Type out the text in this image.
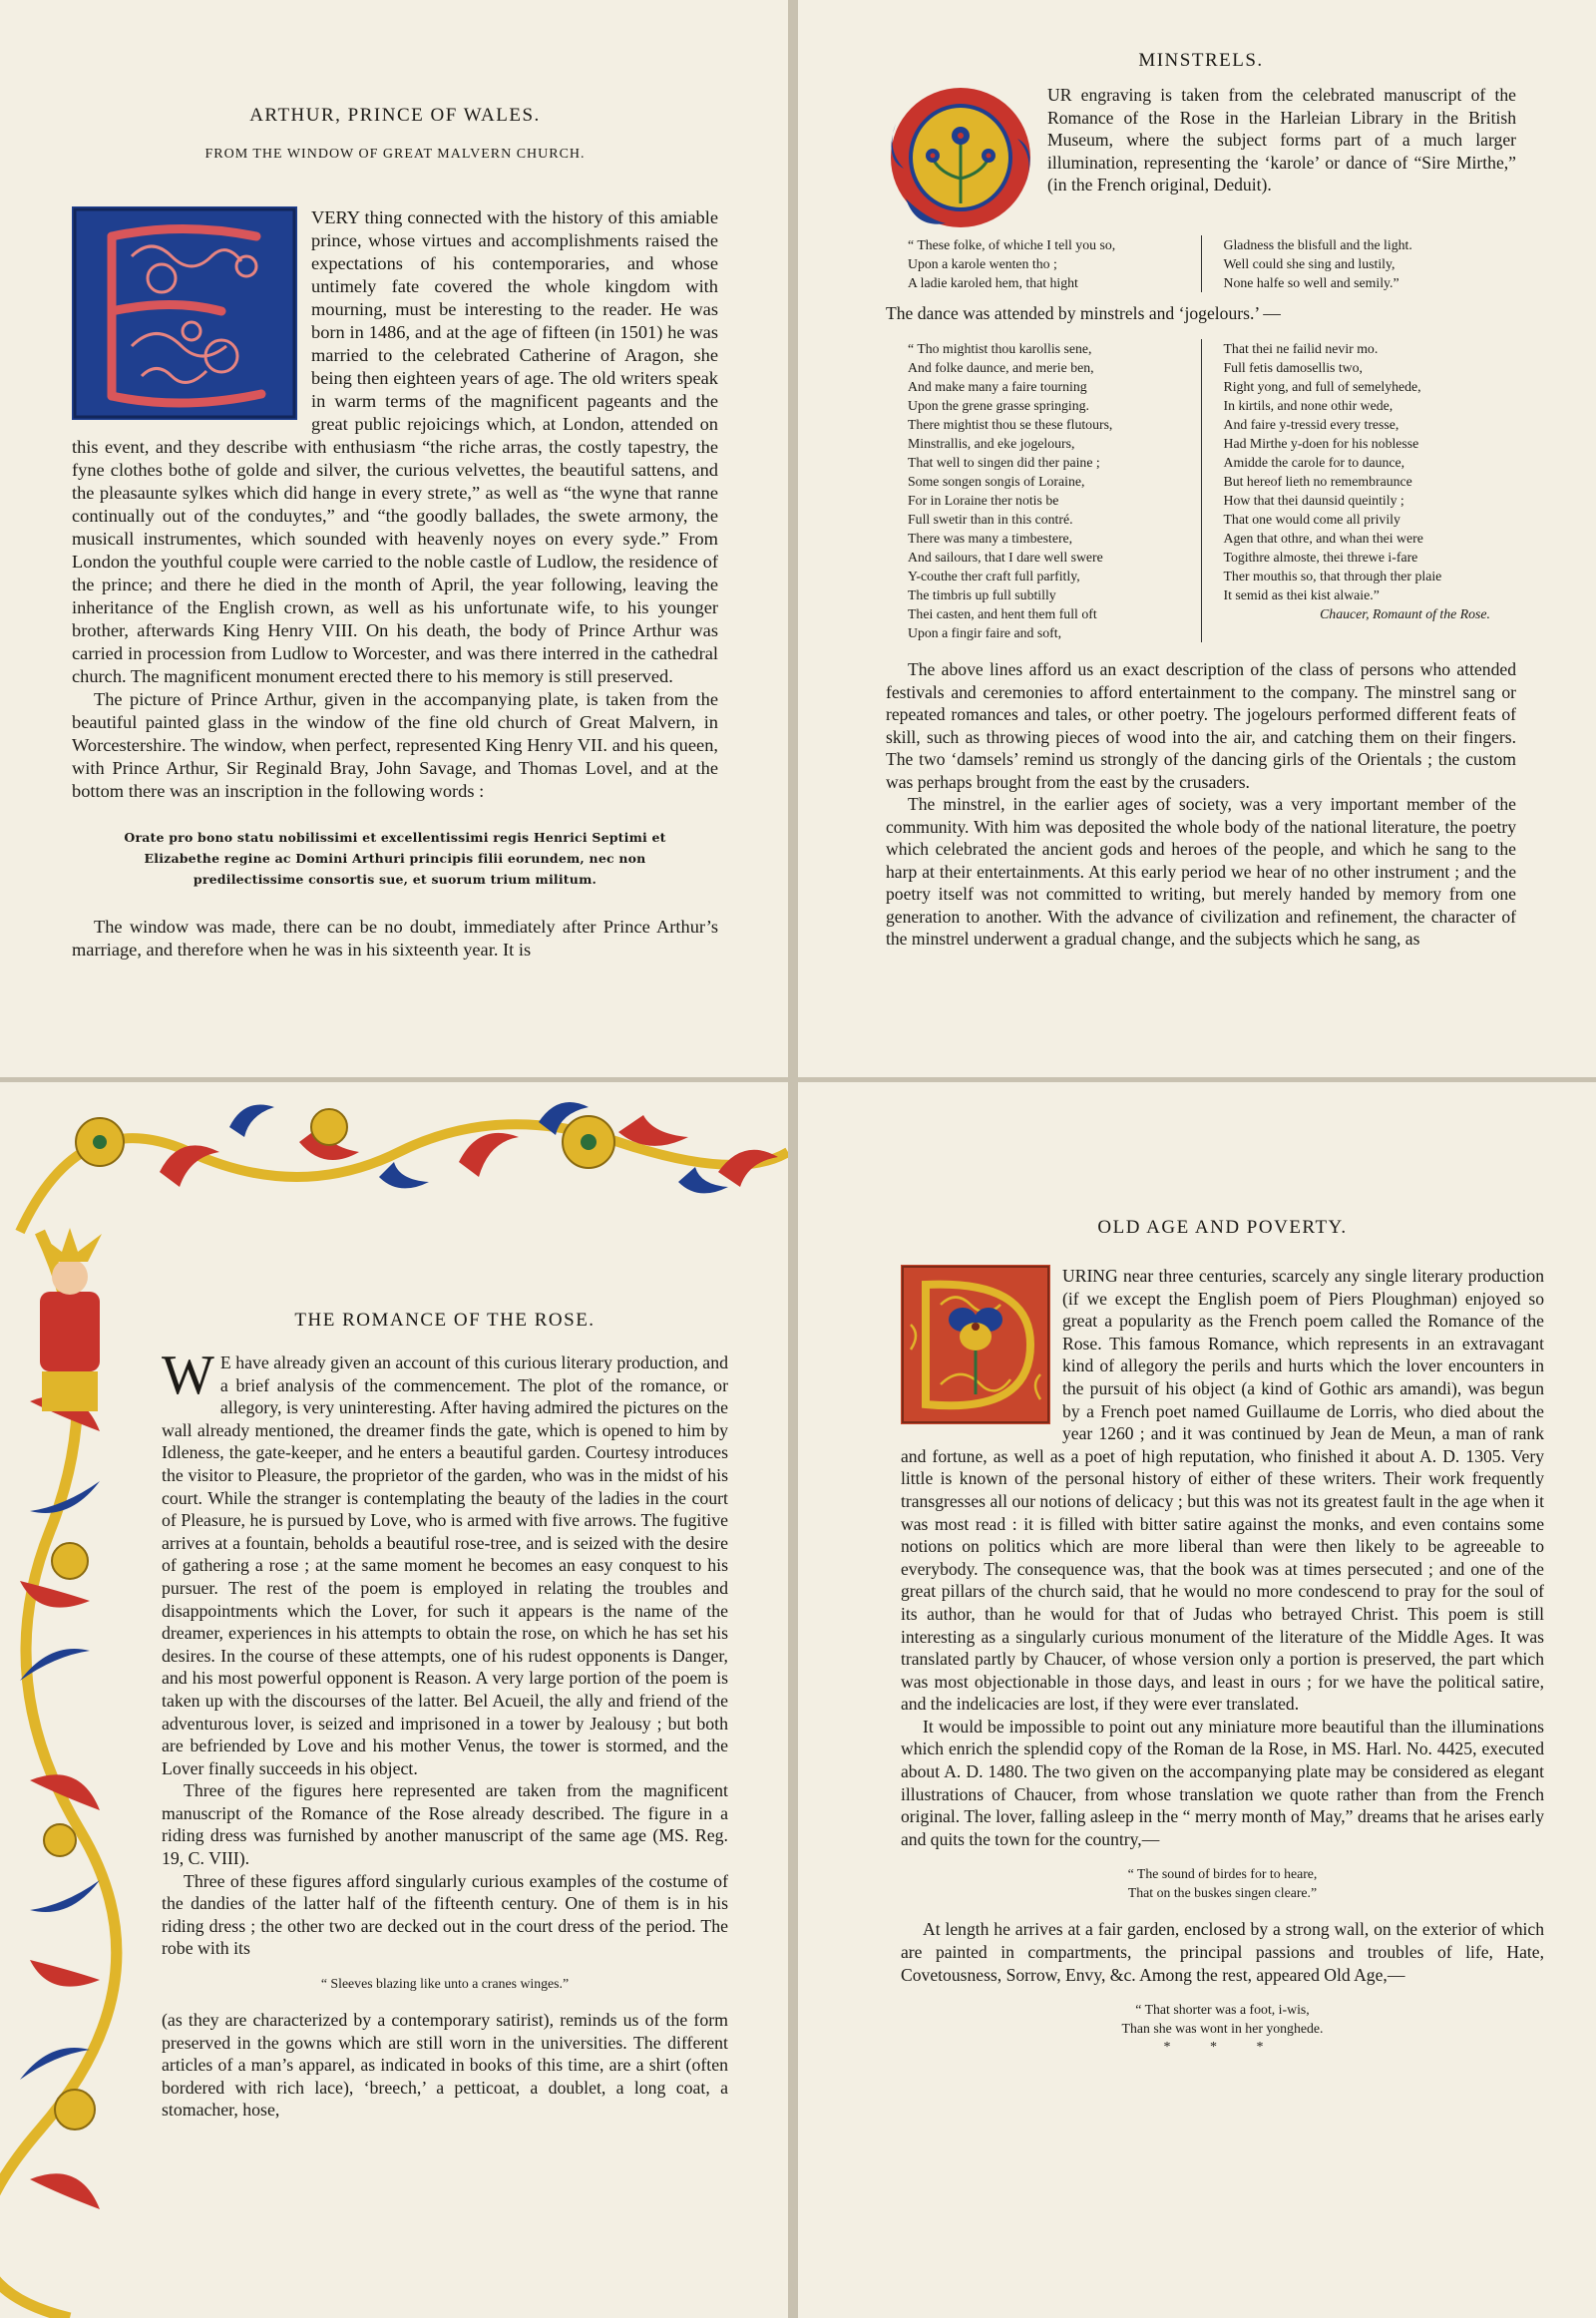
ARTHUR, PRINCE OF WALES.
FROM THE WINDOW OF GREAT MALVERN CHURCH.

VERY thing connected with the history of this amiable prince, whose virtues and accomplishments raised the expectations of his contemporaries, and whose untimely fate covered the whole kingdom with mourning, must be interesting to the reader. He was born in 1486, and at the age of fifteen (in 1501) he was married to the celebrated Catherine of Aragon, she being then eighteen years of age. The old writers speak in warm terms of the magnificent pageants and the great public rejoicings which, at London, attended on this event, and they describe with enthusiasm “the riche arras, the costly tapestry, the fyne clothes bothe of golde and silver, the curious velvettes, the beautiful sattens, and the pleasaunte sylkes which did hange in every strete,” as well as “the wyne that ranne continually out of the conduytes,” and “the goodly ballades, the swete armony, the musicall instrumentes, which sounded with heavenly noyes on every syde.” From London the youthful couple were carried to the noble castle of Ludlow, the residence of the prince; and there he died in the month of April, the year following, leaving the inheritance of the English crown, as well as his unfortunate wife, to his younger brother, afterwards King Henry VIII. On his death, the body of Prince Arthur was carried in procession from Ludlow to Worcester, and was there interred in the cathedral church. The magnificent monument erected there to his memory is still preserved.

The picture of Prince Arthur, given in the accompanying plate, is taken from the beautiful painted glass in the window of the fine old church of Great Malvern, in Worcestershire. The window, when perfect, represented King Henry VII. and his queen, with Prince Arthur, Sir Reginald Bray, John Savage, and Thomas Lovel, and at the bottom there was an inscription in the following words :

Orate pro bono statu nobilissimi et excellentissimi regis Henrici Septimi et Elizabethe regine ac Domini Arthuri principis filii eorundem, nec non predilectissime consortis sue, et suorum trium militum.

The window was made, there can be no doubt, immediately after Prince Arthur’s marriage, and therefore when he was in his sixteenth year. It is

MINSTRELS.

UR engraving is taken from the celebrated manuscript of the Romance of the Rose in the Harleian Library in the British Museum, where the subject forms part of a much larger illumination, representing the ‘karole’ or dance of “Sire Mirthe,” (in the French original, Deduit).

“ These folke, of whiche I tell you so,
Upon a karole wenten tho ;
A ladie karoled hem, that hight
Gladness the blisfull and the light.
Well could she sing and lustily,
None halfe so well and semily.”

The dance was attended by minstrels and ‘jogelours.’ —

“ Tho mightist thou karollis sene,
And folke daunce, and merie ben,
And make many a faire tourning
Upon the grene grasse springing.
There mightist thou se these flutours,
Minstrallis, and eke jogelours,
That well to singen did ther paine ;
Some songen songis of Loraine,
For in Loraine ther notis be
Full swetir than in this contré.
There was many a timbestere,
And sailours, that I dare well swere
Y-couthe ther craft full parfitly,
The timbris up full subtilly
Thei casten, and hent them full oft
Upon a fingir faire and soft,
That thei ne failid nevir mo.
Full fetis damosellis two,
Right yong, and full of semelyhede,
In kirtils, and none othir wede,
And faire y-tressid every tresse,
Had Mirthe y-doen for his noblesse
Amidde the carole for to daunce,
But hereof lieth no remembraunce
How that thei daunsid queintily ;
That one would come all privily
Agen that othre, and whan thei were
Togithre almoste, thei threwe i-fare
Ther mouthis so, that through ther plaie
It semid as thei kist alwaie.”
Chaucer, Romaunt of the Rose.

The above lines afford us an exact description of the class of persons who attended festivals and ceremonies to afford entertainment to the company. The minstrel sang or repeated romances and tales, or other poetry. The jogelours performed different feats of skill, such as throwing pieces of wood into the air, and catching them on their fingers. The two ‘damsels’ remind us strongly of the dancing girls of the Orientals ; the custom was perhaps brought from the east by the crusaders.

The minstrel, in the earlier ages of society, was a very important member of the community. With him was deposited the whole body of the national literature, the poetry which celebrated the ancient gods and heroes of the people, and which he sang to the harp at their entertainments. At this early period we hear of no other instrument ; and the poetry itself was not committed to writing, but merely handed by memory from one generation to another. With the advance of civilization and refinement, the character of the minstrel underwent a gradual change, and the subjects which he sang, as

THE ROMANCE OF THE ROSE.
W E have already given an account of this curious literary production, and a brief analysis of the commencement. The plot of the romance, or allegory, is very uninteresting. After having admired the pictures on the wall already mentioned, the dreamer finds the gate, which is opened to him by Idleness, the gate-keeper, and he enters a beautiful garden. Courtesy introduces the visitor to Pleasure, the proprietor of the garden, who was in the midst of his court. While the stranger is contemplating the beauty of the ladies in the court of Pleasure, he is pursued by Love, who is armed with five arrows. The fugitive arrives at a fountain, beholds a beautiful rose-tree, and is seized with the desire of gathering a rose ; at the same moment he becomes an easy conquest to his pursuer. The rest of the poem is employed in relating the troubles and disappointments which the Lover, for such it appears is the name of the dreamer, experiences in his attempts to obtain the rose, on which he has set his desires. In the course of these attempts, one of his rudest opponents is Danger, and his most powerful opponent is Reason. A very large portion of the poem is taken up with the discourses of the latter. Bel Acueil, the ally and friend of the adventurous lover, is seized and imprisoned in a tower by Jealousy ; but both are befriended by Love and his mother Venus, the tower is stormed, and the Lover finally succeeds in his object.

Three of the figures here represented are taken from the magnificent manuscript of the Romance of the Rose already described. The figure in a riding dress was furnished by another manuscript of the same age (MS. Reg. 19, C. VIII).

Three of these figures afford singularly curious examples of the costume of the dandies of the latter half of the fifteenth century. One of them is in his riding dress ; the other two are decked out in the court dress of the period. The robe with its

“ Sleeves blazing like unto a cranes winges.”

(as they are characterized by a contemporary satirist), reminds us of the form preserved in the gowns which are still worn in the universities. The different articles of a man’s apparel, as indicated in books of this time, are a shirt (often bordered with rich lace), ‘breech,’ a petticoat, a doublet, a long coat, a stomacher, hose,

OLD AGE AND POVERTY.

URING near three centuries, scarcely any single literary production (if we except the English poem of Piers Ploughman) enjoyed so great a popularity as the French poem called the Romance of the Rose. This famous Romance, which represents in an extravagant kind of allegory the perils and hurts which the lover encounters in the pursuit of his object (a kind of Gothic ars amandi), was begun by a French poet named Guillaume de Lorris, who died about the year 1260 ; and it was continued by Jean de Meun, a man of rank and fortune, as well as a poet of high reputation, who finished it about A. D. 1305. Very little is known of the personal history of either of these writers. Their work frequently transgresses all our notions of delicacy ; but this was not its greatest fault in the age when it was most read : it is filled with bitter satire against the monks, and even contains some notions on politics which are more liberal than were then likely to be agreeable to everybody. The consequence was, that the book was at times persecuted ; and one of the great pillars of the church said, that he would no more condescend to pray for the soul of its author, than he would for that of Judas who betrayed Christ. This poem is still interesting as a singularly curious monument of the literature of the Middle Ages. It was translated partly by Chaucer, of whose version only a portion is preserved, the part which was most objectionable in those days, and least in ours ; for we have the political satire, and the indelicacies are lost, if they were ever translated.

It would be impossible to point out any miniature more beautiful than the illuminations which enrich the splendid copy of the Roman de la Rose, in MS. Harl. No. 4425, executed about A. D. 1480. The two given on the accompanying plate may be considered as elegant illustrations of Chaucer, from whose translation we quote rather than from the French original. The lover, falling asleep in the “ merry month of May,” dreams that he arises early and quits the town for the country,—

“ The sound of birdes for to heare,
That on the buskes singen cleare.”

At length he arrives at a fair garden, enclosed by a strong wall, on the exterior of which are painted in compartments, the principal passions and troubles of life, Hate, Covetousness, Sorrow, Envy, &c. Among the rest, appeared Old Age,—

“ That shorter was a foot, i-wis,
Than she was wont in her yonghede.
* * *
